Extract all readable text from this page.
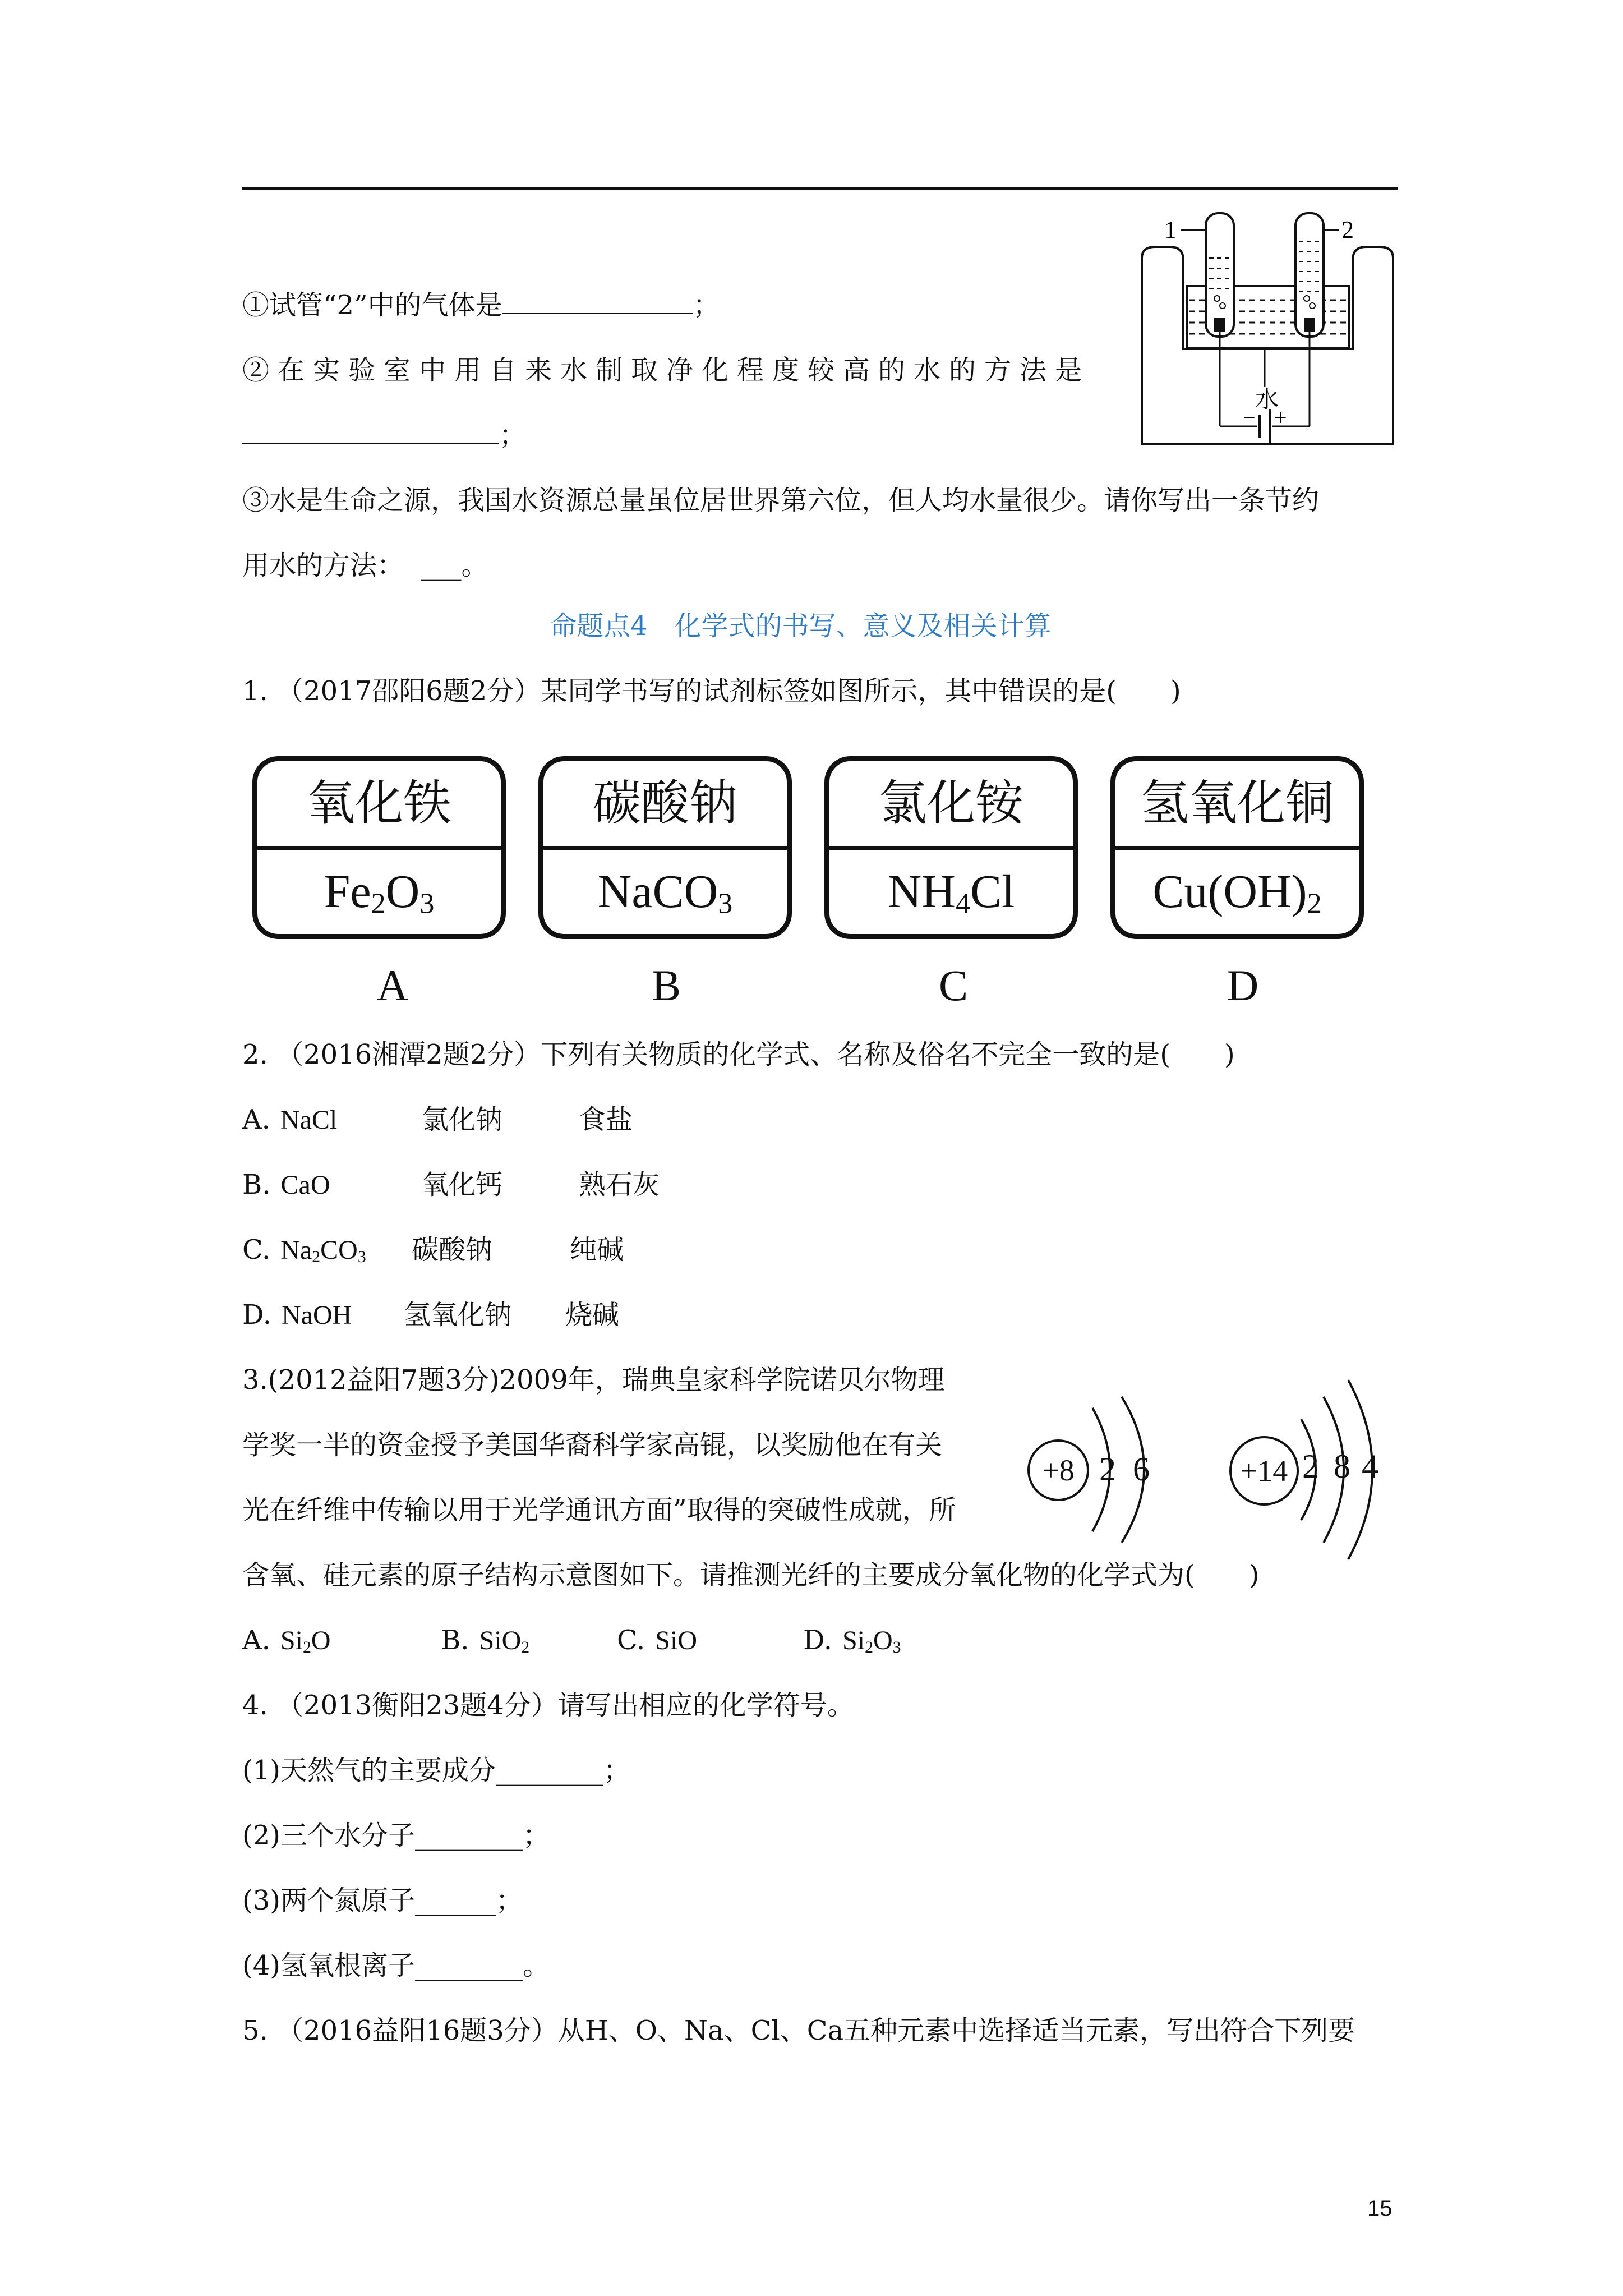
①试管“2”中的气体是	；
②在实验室中用自来水制取净化程度较高的水的方法是
；
③水是生命之源，我国水资源总量虽位居世界第六位，但人均水量很少。请你写出一条节约
用水的方法： ___。
1	2
水
− +
命题点4　化学式的书写、意义及相关计算
1. （2017邵阳6题2分）某同学书写的试剂标签如图所示，其中错误的是(　　)
氧化铁
$Fe_2O_3$
碳酸钠
NaCO$_3$
氯化铵
$NH_4Cl$
氢氧化铜
$Cu(OH)_2$
A	B	C	D
2. （2016湘潭2题2分）下列有关物质的化学式、名称及俗名不完全一致的是(　　)
A. NaCl	氯化钠	食盐
B. CaO	氧化钙	熟石灰
C. $Na_2CO_3$ 碳酸钠	纯碱
D. NaOH 氢氧化钠 烧碱
3.(2012益阳7题3分)2009年，瑞典皇家科学院诺贝尔物理
学奖一半的资金授予美国华裔科学家高锟，以奖励他在有关
光在纤维中传输以用于光学通讯方面”取得的突破性成就，所
含氧、硅元素的原子结构示意图如下。请推测光纤的主要成分氧化物的化学式为(　　)
+8 2 6	+14 2 8 4
A. $Si_2O$	B. SiO$_2$	C. SiO	D. $Si_2O_3$
4. （2013衡阳23题4分）请写出相应的化学符号。
(1)天然气的主要成分________；
(2)三个水分子________；
(3)两个氮原子______；
(4)氢氧根离子________。
5. （2016益阳16题3分）从H、O、Na、Cl、Ca五种元素中选择适当元素，写出符合下列要
15
